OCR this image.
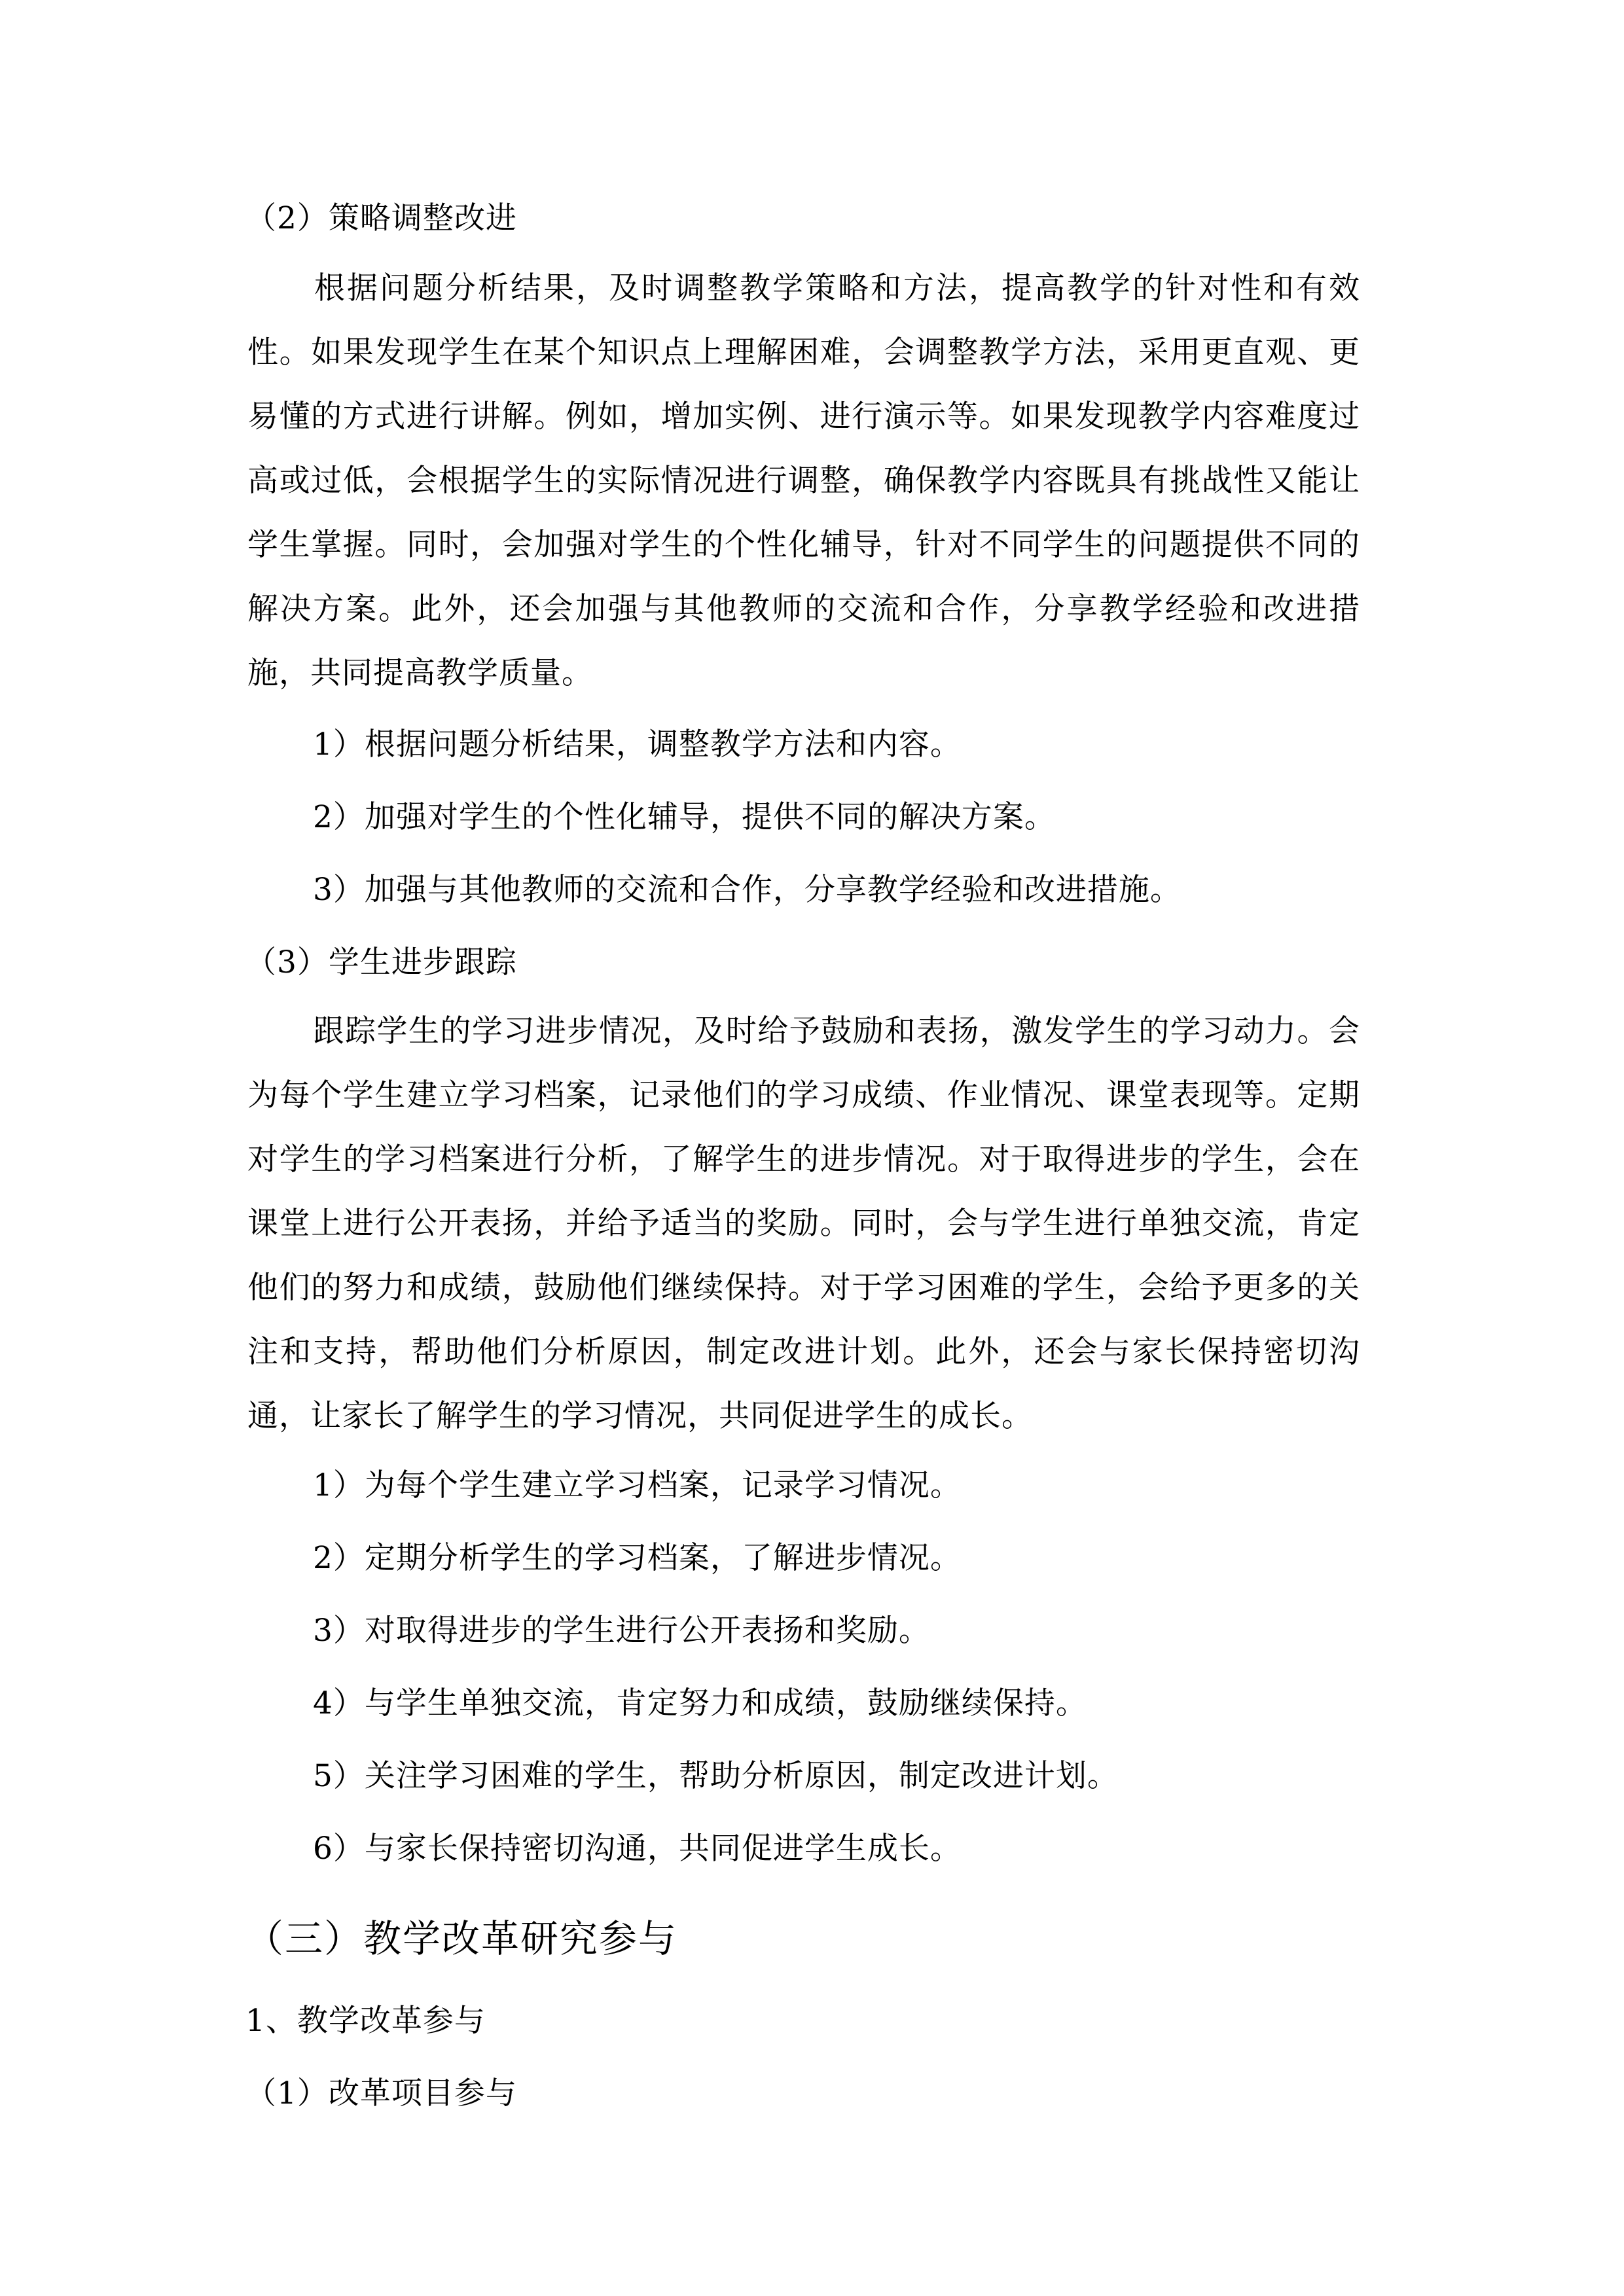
（2）策略调整改进
根据问题分析结果，及时调整教学策略和方法，提高教学的针对性和有效性。如果发现学生在某个知识点上理解困难，会调整教学方法，采用更直观、更易懂的方式进行讲解。例如，增加实例、进行演示等。如果发现教学内容难度过高或过低，会根据学生的实际情况进行调整，确保教学内容既具有挑战性又能让学生掌握。同时，会加强对学生的个性化辅导，针对不同学生的问题提供不同的解决方案。此外，还会加强与其他教师的交流和合作，分享教学经验和改进措施，共同提高教学质量。
1）根据问题分析结果，调整教学方法和内容。
2）加强对学生的个性化辅导，提供不同的解决方案。
3）加强与其他教师的交流和合作，分享教学经验和改进措施。
（3）学生进步跟踪
跟踪学生的学习进步情况，及时给予鼓励和表扬，激发学生的学习动力。会为每个学生建立学习档案，记录他们的学习成绩、作业情况、课堂表现等。定期对学生的学习档案进行分析，了解学生的进步情况。对于取得进步的学生，会在课堂上进行公开表扬，并给予适当的奖励。同时，会与学生进行单独交流，肯定他们的努力和成绩，鼓励他们继续保持。对于学习困难的学生，会给予更多的关注和支持，帮助他们分析原因，制定改进计划。此外，还会与家长保持密切沟通，让家长了解学生的学习情况，共同促进学生的成长。
1）为每个学生建立学习档案，记录学习情况。
2）定期分析学生的学习档案，了解进步情况。
3）对取得进步的学生进行公开表扬和奖励。
4）与学生单独交流，肯定努力和成绩，鼓励继续保持。
5）关注学习困难的学生，帮助分析原因，制定改进计划。
6）与家长保持密切沟通，共同促进学生成长。
（三）教学改革研究参与
1、教学改革参与
（1）改革项目参与
